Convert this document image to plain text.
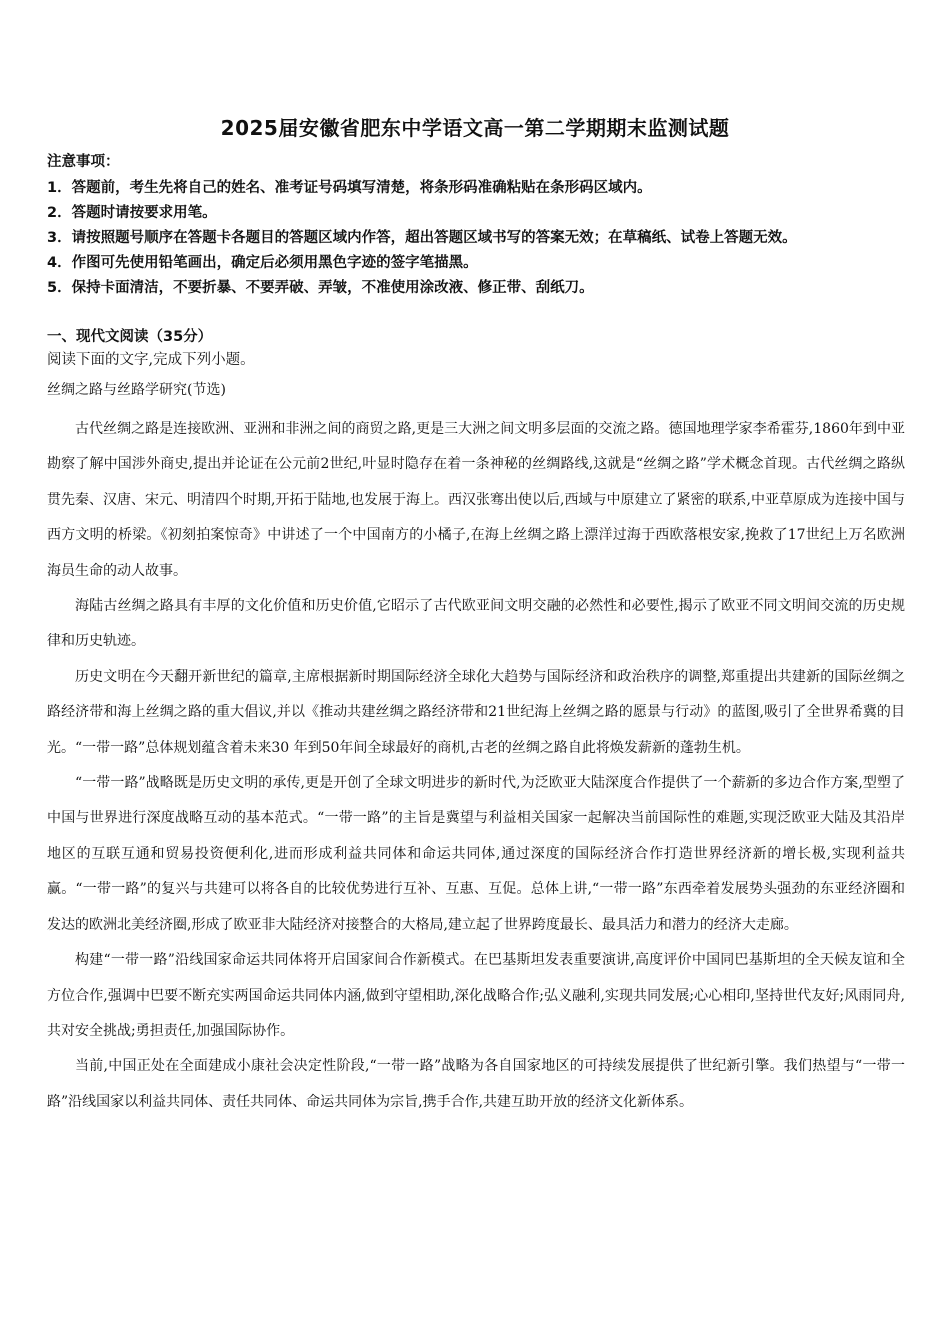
2025届安徽省肥东中学语文高一第二学期期末监测试题
注意事项：
1．答题前，考生先将自己的姓名、准考证号码填写清楚，将条形码准确粘贴在条形码区域内。
2．答题时请按要求用笔。
3．请按照题号顺序在答题卡各题目的答题区域内作答，超出答题区域书写的答案无效；在草稿纸、试卷上答题无效。
4．作图可先使用铅笔画出，确定后必须用黑色字迹的签字笔描黑。
5．保持卡面清洁，不要折暴、不要弄破、弄皱，不准使用涂改液、修正带、刮纸刀。
一、现代文阅读（35分）
阅读下面的文字,完成下列小题。
丝绸之路与丝路学研究(节选)

古代丝绸之路是连接欧洲、亚洲和非洲之间的商贸之路,更是三大洲之间文明多层面的交流之路。德国地理学家李希霍芬,1860年到中亚勘察了解中国涉外商史,提出并论证在公元前2世纪,叶显时隐存在着一条神秘的丝绸路线,这就是“丝绸之路”学术概念首现。古代丝绸之路纵贯先秦、汉唐、宋元、明清四个时期,开拓于陆地,也发展于海上。西汉张骞出使以后,西域与中原建立了紧密的联系,中亚草原成为连接中国与西方文明的桥梁。《初刻拍案惊奇》中讲述了一个中国南方的小橘子,在海上丝绸之路上漂洋过海于西欧落根安家,挽救了17世纪上万名欧洲海员生命的动人故事。

海陆古丝绸之路具有丰厚的文化价值和历史价值,它昭示了古代欧亚间文明交融的必然性和必要性,揭示了欧亚不同文明间交流的历史规律和历史轨迹。

历史文明在今天翻开新世纪的篇章,主席根据新时期国际经济全球化大趋势与国际经济和政治秩序的调整,郑重提出共建新的国际丝绸之路经济带和海上丝绸之路的重大倡议,并以《推动共建丝绸之路经济带和21世纪海上丝绸之路的愿景与行动》的蓝图,吸引了全世界希冀的目光。“一带一路”总体规划蕴含着未来30 年到50年间全球最好的商机,古老的丝绸之路自此将焕发薪新的蓬勃生机。

“一带一路”战略既是历史文明的承传,更是开创了全球文明进步的新时代,为泛欧亚大陆深度合作提供了一个薪新的多边合作方案,型塑了中国与世界进行深度战略互动的基本范式。“一带一路”的主旨是冀望与利益相关国家一起解决当前国际性的难题,实现泛欧亚大陆及其沿岸地区的互联互通和贸易投资便利化,进而形成利益共同体和命运共同体,通过深度的国际经济合作打造世界经济新的增长极,实现利益共赢。“一带一路”的复兴与共建可以将各自的比较优势进行互补、互惠、互促。总体上讲,“一带一路”东西牵着发展势头强劲的东亚经济圈和发达的欧洲北美经济圈,形成了欧亚非大陆经济对接整合的大格局,建立起了世界跨度最长、最具活力和潜力的经济大走廊。

构建“一带一路”沿线国家命运共同体将开启国家间合作新模式。在巴基斯坦发表重要演讲,高度评价中国同巴基斯坦的全天候友谊和全方位合作,强调中巴要不断充实两国命运共同体内涵,做到守望相助,深化战略合作;弘义融利,实现共同发展;心心相印,坚持世代友好;风雨同舟,共对安全挑战;勇担责任,加强国际协作。

当前,中国正处在全面建成小康社会决定性阶段,“一带一路”战略为各自国家地区的可持续发展提供了世纪新引擎。我们热望与“一带一路”沿线国家以利益共同体、责任共同体、命运共同体为宗旨,携手合作,共建互助开放的经济文化新体系。
